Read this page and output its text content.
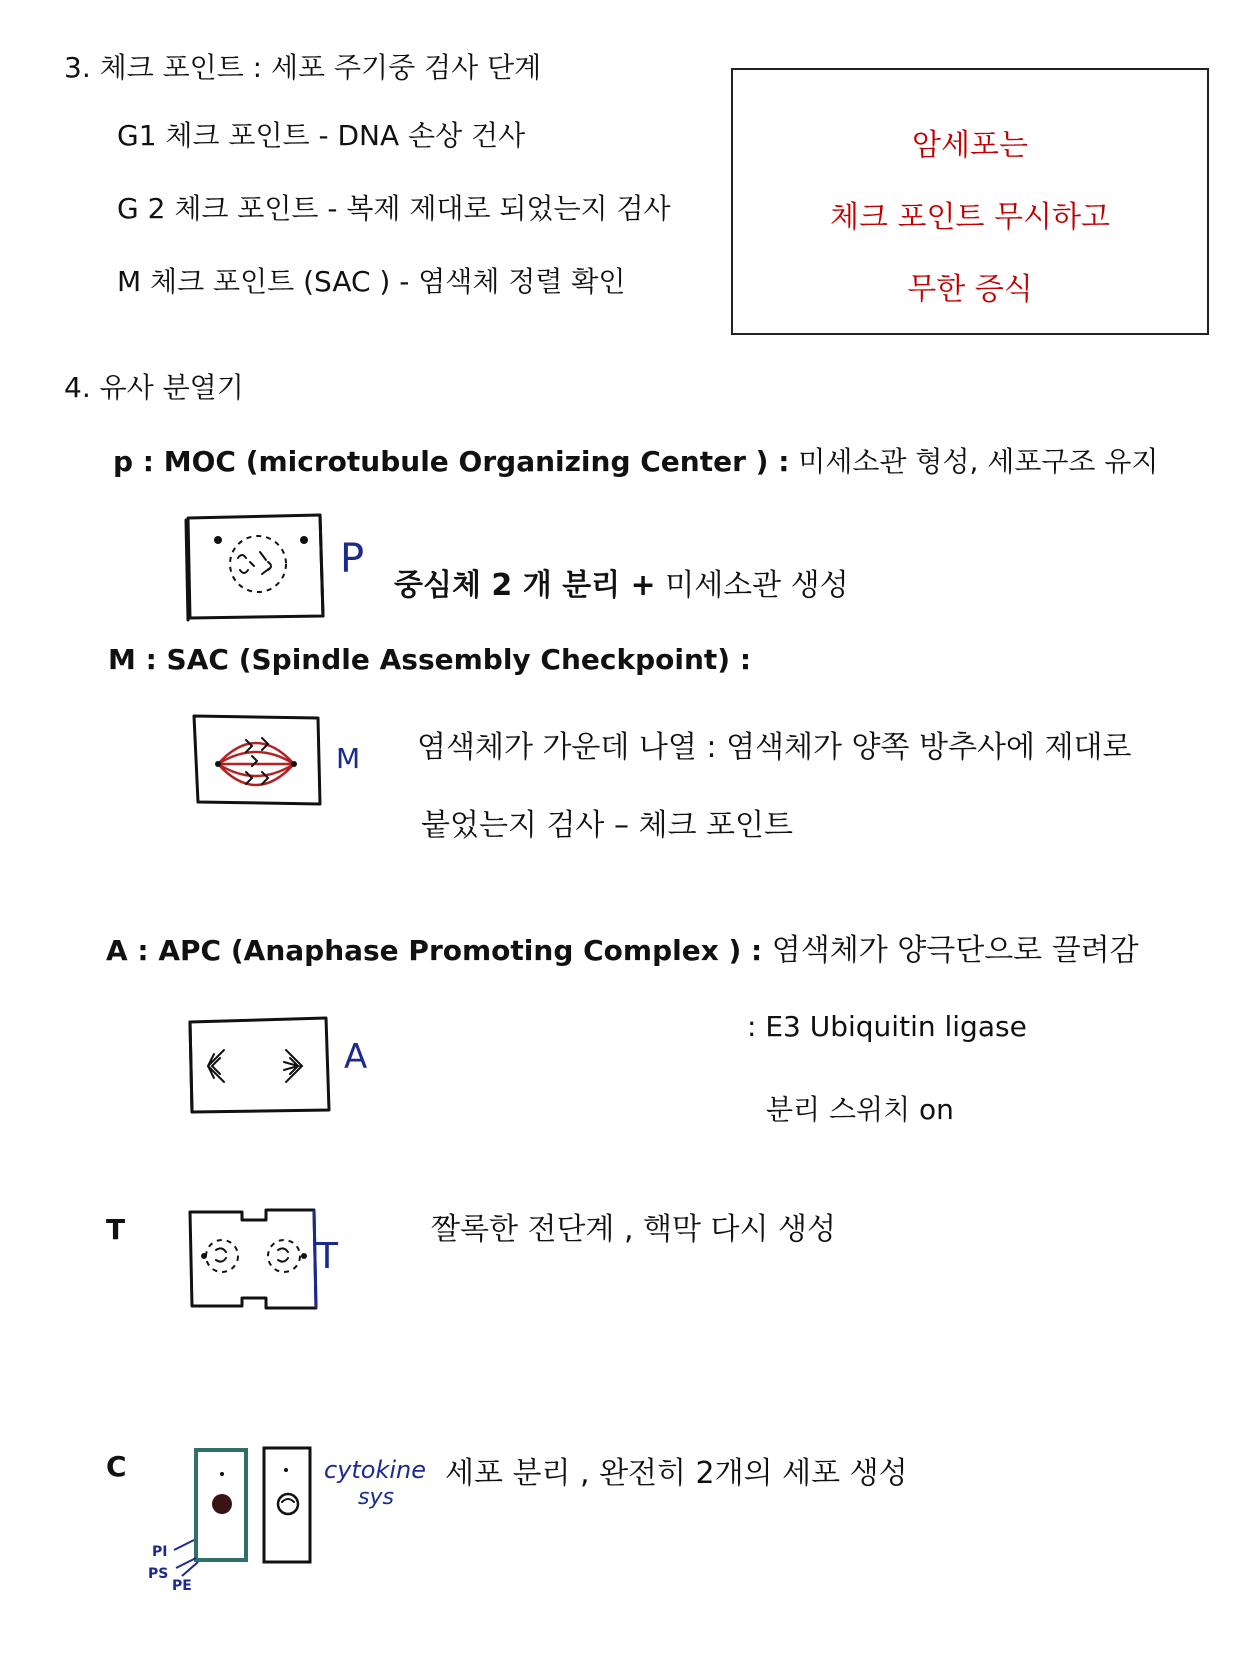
3. 체크 포인트 : 세포 주기중 검사 단계
G1 체크 포인트 - DNA 손상 건사
G 2 체크 포인트 - 복제 제대로 되었는지 검사
M 체크 포인트 (SAC ) - 염색체 정렬 확인
암세포는
체크 포인트 무시하고
무한 증식
4. 유사 분열기
p : MOC (microtubule Organizing Center ) : 미세소관 형성, 세포구조 유지
P
중심체 2 개 분리 + 미세소관 생성
M : SAC (Spindle Assembly Checkpoint) :
M 염색체가 가운데 나열 : 염색체가 양쪽 방추사에 제대로
붙었는지 검사 – 체크 포인트
A : APC (Anaphase Promoting Complex ) : 염색체가 양극단으로 끌려감
A
: E3 Ubiquitin ligase
분리 스위치 on
T
T
짤록한 전단계 , 핵막 다시 생성
C	cytokine
sys
PI
PS
PE
세포 분리 , 완전히 2개의 세포 생성
